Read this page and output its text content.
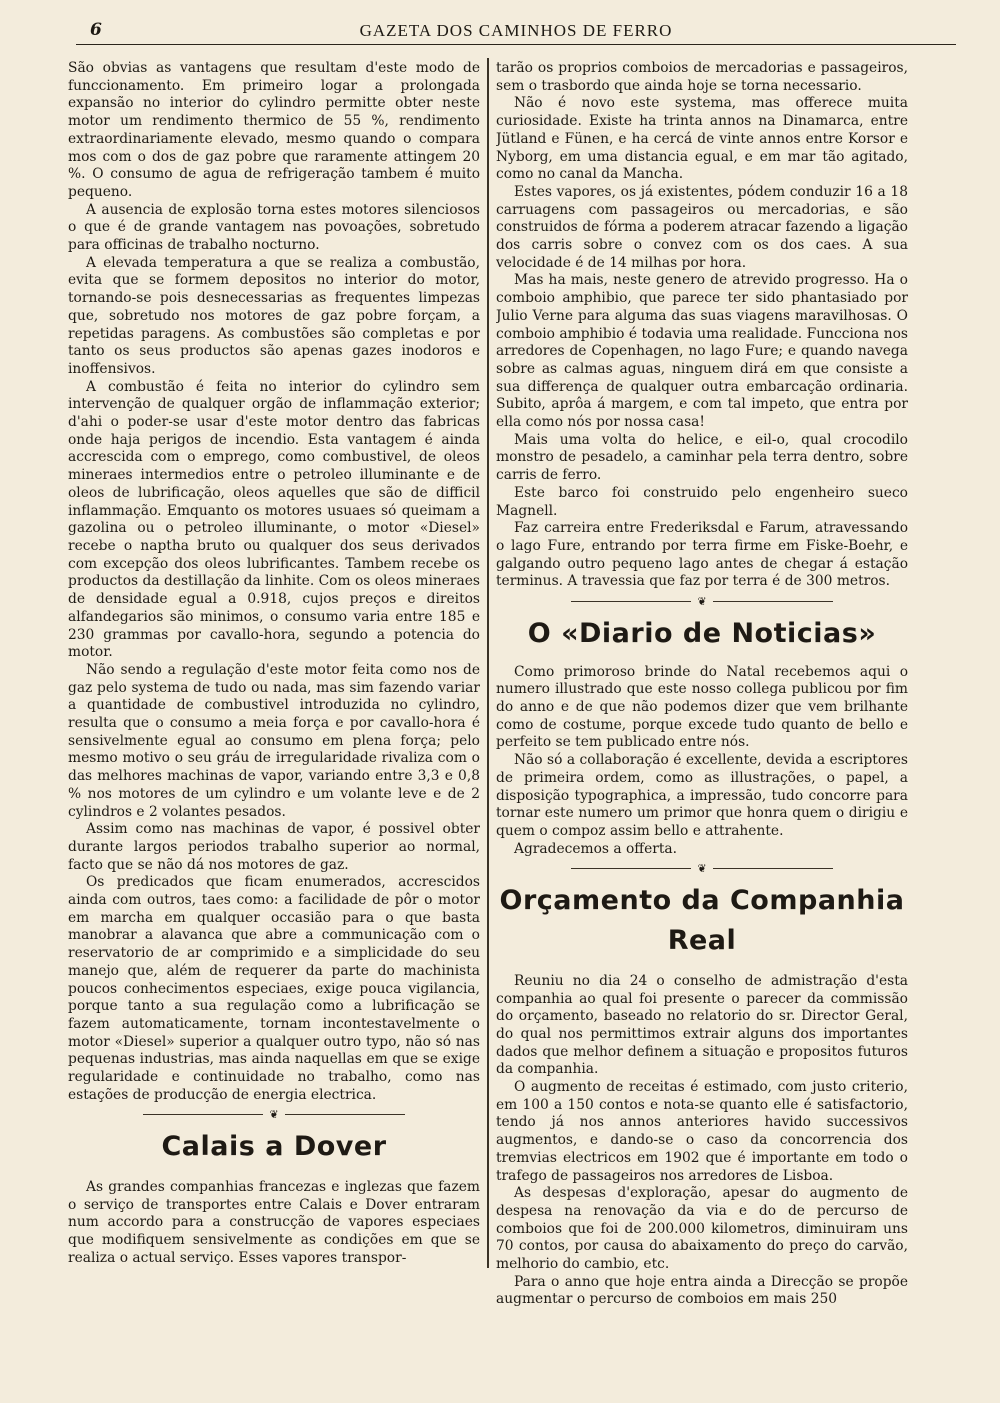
6	GAZETA DOS CAMINHOS DE FERRO

São obvias as vantagens que resultam d'este modo de funccionamento. Em primeiro logar a prolongada expansão no interior do cylindro permitte obter neste motor um rendimento thermico de 55 %, rendimento extraordinariamente elevado, mesmo quando o compara mos com o dos de gaz pobre que raramente attingem 20 %. O consumo de agua de refrigeração tambem é muito pequeno.

A ausencia de explosão torna estes motores silenciosos o que é de grande vantagem nas povoações, sobretudo para officinas de trabalho nocturno.

A elevada temperatura a que se realiza a combustão, evita que se formem depositos no interior do motor, tornando-se pois desnecessarias as frequentes limpezas que, sobretudo nos motores de gaz pobre forçam, a repetidas paragens. As combustões são completas e por tanto os seus productos são apenas gazes inodoros e inoffensivos.

A combustão é feita no interior do cylindro sem intervenção de qualquer orgão de inflammação exterior; d'ahi o poder-se usar d'este motor dentro das fabricas onde haja perigos de incendio. Esta vantagem é ainda accrescida com o emprego, como combustivel, de oleos mineraes intermedios entre o petroleo illuminante e de oleos de lubrificação, oleos aquelles que são de difficil inflammação. Emquanto os motores usuaes só queimam a gazolina ou o petroleo illuminante, o motor «Diesel» recebe o naptha bruto ou qualquer dos seus derivados com excepção dos oleos lubrificantes. Tambem recebe os productos da destillação da linhite. Com os oleos mineraes de densidade egual a 0.918, cujos preços e direitos alfandegarios são minimos, o consumo varia entre 185 e 230 grammas por cavallo-hora, segundo a potencia do motor.

Não sendo a regulação d'este motor feita como nos de gaz pelo systema de tudo ou nada, mas sim fazendo variar a quantidade de combustivel introduzida no cylindro, resulta que o consumo a meia força e por cavallo-hora é sensivelmente egual ao consumo em plena força; pelo mesmo motivo o seu gráu de irregularidade rivaliza com o das melhores machinas de vapor, variando entre 3,3 e 0,8 % nos motores de um cylindro e um volante leve e de 2 cylindros e 2 volantes pesados.

Assim como nas machinas de vapor, é possivel obter durante largos periodos trabalho superior ao normal, facto que se não dá nos motores de gaz.

Os predicados que ficam enumerados, accrescidos ainda com outros, taes como: a facilidade de pôr o motor em marcha em qualquer occasião para o que basta manobrar a alavanca que abre a communicação com o reservatorio de ar comprimido e a simplicidade do seu manejo que, além de requerer da parte do machinista poucos conhecimentos especiaes, exige pouca vigilancia, porque tanto a sua regulação como a lubrificação se fazem automaticamente, tornam incontestavelmente o motor «Diesel» superior a qualquer outro typo, não só nas pequenas industrias, mas ainda naquellas em que se exige regularidade e continuidade no trabalho, como nas estações de producção de energia electrica.

❦
Calais a Dover

As grandes companhias francezas e inglezas que fazem o serviço de transportes entre Calais e Dover entraram num accordo para a construcção de vapores especiaes que modifiquem sensivelmente as condições em que se realiza o actual serviço. Esses vapores transpor-

tarão os proprios comboios de mercadorias e passageiros, sem o trasbordo que ainda hoje se torna necessario.

Não é novo este systema, mas offerece muita curiosidade. Existe ha trinta annos na Dinamarca, entre Jütland e Fünen, e ha cercá de vinte annos entre Korsor e Nyborg, em uma distancia egual, e em mar tão agitado, como no canal da Mancha.

Estes vapores, os já existentes, pódem conduzir 16 a 18 carruagens com passageiros ou mercadorias, e são construidos de fórma a poderem atracar fazendo a ligação dos carris sobre o convez com os dos caes. A sua velocidade é de 14 milhas por hora.

Mas ha mais, neste genero de atrevido progresso. Ha o comboio amphibio, que parece ter sido phantasiado por Julio Verne para alguma das suas viagens maravilhosas. O comboio amphibio é todavia uma realidade. Funcciona nos arredores de Copenhagen, no lago Fure; e quando navega sobre as calmas aguas, ninguem dirá em que consiste a sua differença de qualquer outra embarcação ordinaria. Subito, aprôa á margem, e com tal impeto, que entra por ella como nós por nossa casa!

Mais uma volta do helice, e eil-o, qual crocodilo monstro de pesadelo, a caminhar pela terra dentro, sobre carris de ferro.

Este barco foi construido pelo engenheiro sueco Magnell.

Faz carreira entre Frederiksdal e Farum, atravessando o lago Fure, entrando por terra firme em Fiske-Boehr, e galgando outro pequeno lago antes de chegar á estação terminus. A travessia que faz por terra é de 300 metros.

❦
O «Diario de Noticias»

Como primoroso brinde do Natal recebemos aqui o numero illustrado que este nosso collega publicou por fim do anno e de que não podemos dizer que vem brilhante como de costume, porque excede tudo quanto de bello e perfeito se tem publicado entre nós.

Não só a collaboração é excellente, devida a escriptores de primeira ordem, como as illustrações, o papel, a disposição typographica, a impressão, tudo concorre para tornar este numero um primor que honra quem o dirigiu e quem o compoz assim bello e attrahente.

Agradecemos a offerta.

❦
Orçamento da Companhia Real

Reuniu no dia 24 o conselho de admistração d'esta companhia ao qual foi presente o parecer da commissão do orçamento, baseado no relatorio do sr. Director Geral, do qual nos permittimos extrair alguns dos importantes dados que melhor definem a situação e propositos futuros da companhia.

O augmento de receitas é estimado, com justo criterio, em 100 a 150 contos e nota-se quanto elle é satisfactorio, tendo já nos annos anteriores havido successivos augmentos, e dando-se o caso da concorrencia dos tremvias electricos em 1902 que é importante em todo o trafego de passageiros nos arredores de Lisboa.

As despesas d'exploração, apesar do augmento de despesa na renovação da via e do de percurso de comboios que foi de 200.000 kilometros, diminuiram uns 70 contos, por causa do abaixamento do preço do carvão, melhorio do cambio, etc.

Para o anno que hoje entra ainda a Direcção se propõe augmentar o percurso de comboios em mais 250
